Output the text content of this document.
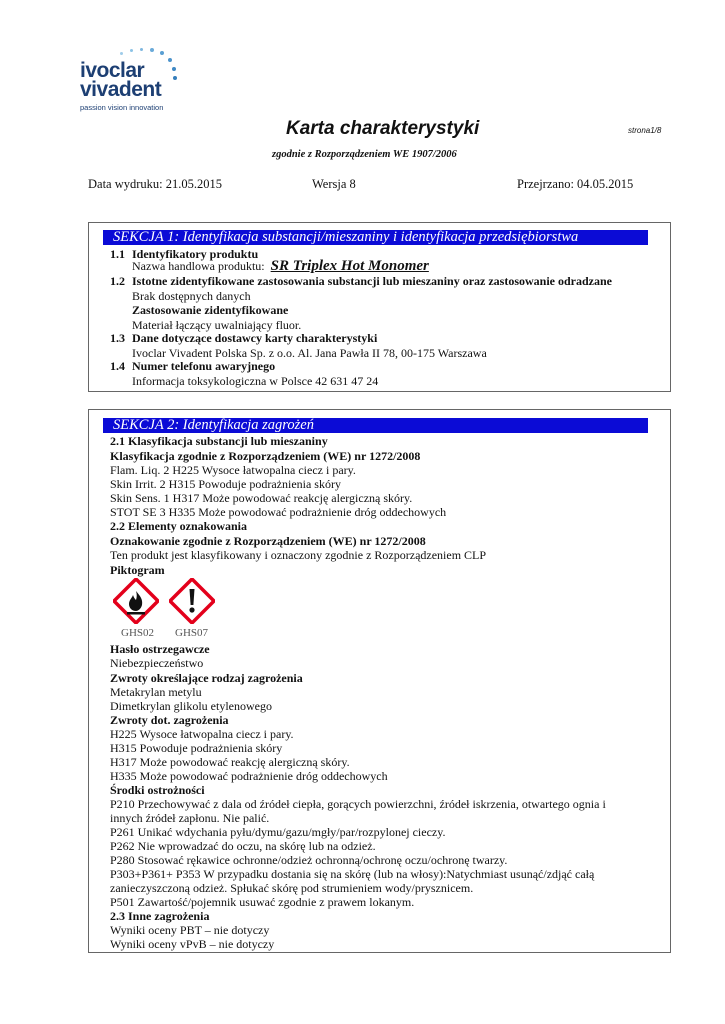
ivoclar
vivadent
passion vision innovation
Karta charakterystyki	strona1/8
zgodnie z Rozporządzeniem WE 1907/2006
Data wydruku: 21.05.2015	Wersja 8	Przejrzano: 04.05.2015
SEKCJA 1: Identyfikacja substancji/mieszaniny i identyfikacja przedsiębiorstwa
1.1 Identyfikatory produktu
Nazwa handlowa produktu: SR Triplex Hot Monomer
1.2 Istotne zidentyfikowane zastosowania substancji lub mieszaniny oraz zastosowanie odradzane
Brak dostępnych danych
Zastosowanie zidentyfikowane
Materiał łączący uwalniający fluor.
1.3 Dane dotyczące dostawcy karty charakterystyki
Ivoclar Vivadent Polska Sp. z o.o. Al. Jana Pawła II 78, 00-175 Warszawa
1.4 Numer telefonu awaryjnego
Informacja toksykologiczna w Polsce 42 631 47 24
SEKCJA 2: Identyfikacja zagrożeń
2.1 Klasyfikacja substancji lub mieszaniny
Klasyfikacja zgodnie z Rozporządzeniem (WE) nr 1272/2008
Flam. Liq. 2 H225 Wysoce łatwopalna ciecz i pary.
Skin Irrit. 2 H315 Powoduje podrażnienia skóry
Skin Sens. 1 H317 Może powodować reakcję alergiczną skóry.
STOT SE 3 H335 Może powodować podrażnienie dróg oddechowych
2.2 Elementy oznakowania
Oznakowanie zgodnie z Rozporządzeniem (WE) nr 1272/2008
Ten produkt jest klasyfikowany i oznaczony zgodnie z Rozporządzeniem CLP
Piktogram
GHS02 GHS07
Hasło ostrzegawcze
Niebezpieczeństwo
Zwroty określające rodzaj zagrożenia
Metakrylan metylu
Dimetkrylan glikolu etylenowego
Zwroty dot. zagrożenia
H225 Wysoce łatwopalna ciecz i pary.
H315 Powoduje podrażnienia skóry
H317 Może powodować reakcję alergiczną skóry.
H335 Może powodować podrażnienie dróg oddechowych
Środki ostrożności
P210 Przechowywać z dala od źródeł ciepła, gorących powierzchni, źródeł iskrzenia, otwartego ognia i
innych źródeł zapłonu. Nie palić.
P261 Unikać wdychania pyłu/dymu/gazu/mgły/par/rozpylonej cieczy.
P262 Nie wprowadzać do oczu, na skórę lub na odzież.
P280 Stosować rękawice ochronne/odzież ochronną/ochronę oczu/ochronę twarzy.
P303+P361+ P353 W przypadku dostania się na skórę (lub na włosy):Natychmiast usunąć/zdjąć całą
zanieczyszczoną odzież. Spłukać skórę pod strumieniem wody/prysznicem.
P501 Zawartość/pojemnik usuwać zgodnie z prawem lokanym.
2.3 Inne zagrożenia
Wyniki oceny PBT – nie dotyczy
Wyniki oceny vPvB – nie dotyczy
